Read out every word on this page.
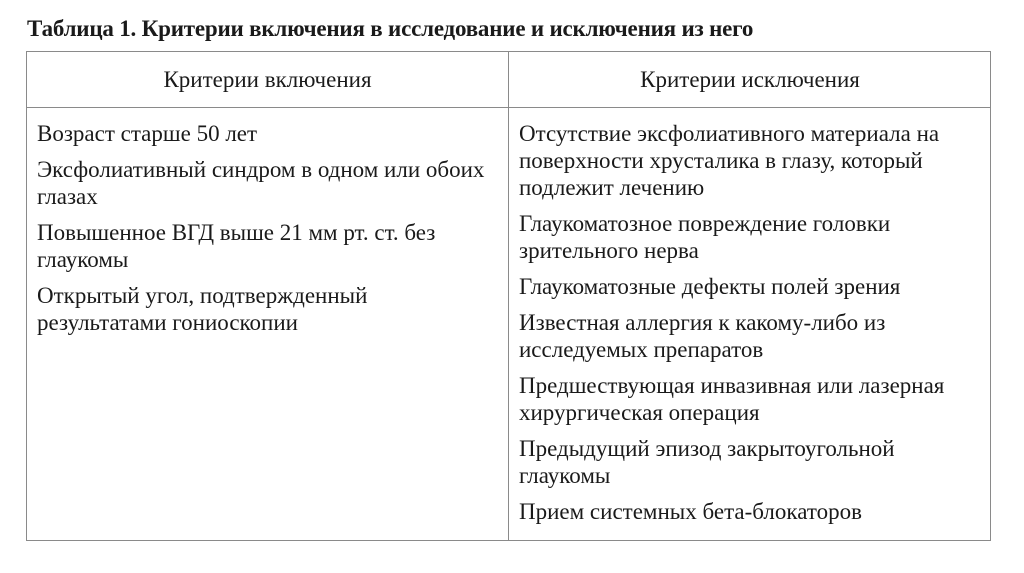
Таблица 1. Критерии включения в исследование и исключения из него
Критерии включения	Критерии исключения
Возраст старше 50 лет
Эксфолиативный синдром в одном или обоих глазах
Повышенное ВГД выше 21 мм рт. ст. без глаукомы
Открытый угол, подтвержденный результатами гониоскопии
Отсутствие эксфолиативного материала на поверхности хрусталика в глазу, который подлежит лечению
Глаукоматозное повреждение головки зрительного нерва
Глаукоматозные дефекты полей зрения
Известная аллергия к какому-либо из исследуемых препаратов
Предшествующая инвазивная или лазерная хирургическая операция
Предыдущий эпизод закрытоугольной глаукомы
Прием системных бета-блокаторов
